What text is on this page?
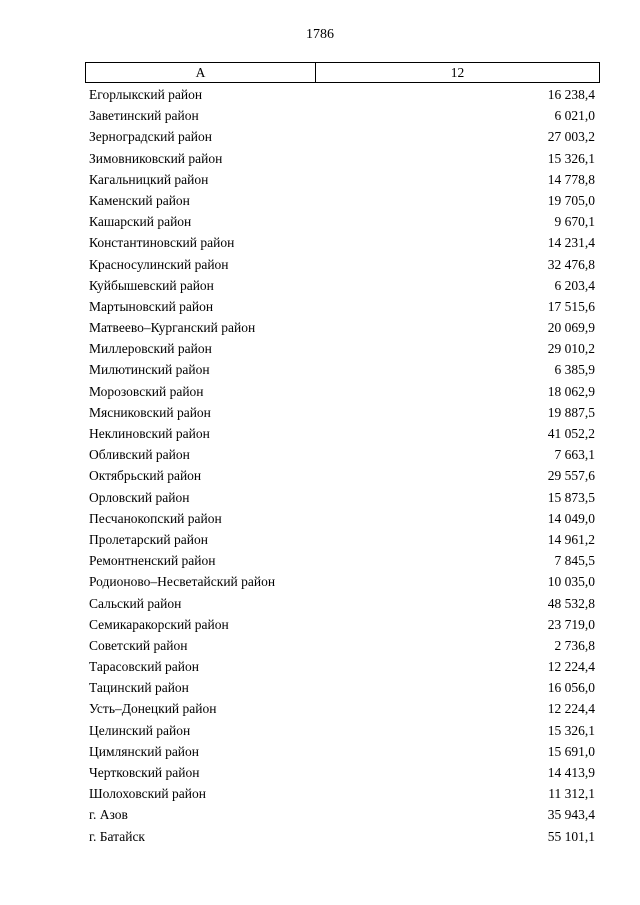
1786
А	12
Егорлыкский район	16 238,4
Заветинский район	6 021,0
Зерноградский район	27 003,2
Зимовниковский район	15 326,1
Кагальницкий район	14 778,8
Каменский район	19 705,0
Кашарский район	9 670,1
Константиновский район	14 231,4
Красносулинский район	32 476,8
Куйбышевский район	6 203,4
Мартыновский район	17 515,6
Матвеево–Курганский район	20 069,9
Миллеровский район	29 010,2
Милютинский район	6 385,9
Морозовский район	18 062,9
Мясниковский район	19 887,5
Неклиновский район	41 052,2
Обливский район	7 663,1
Октябрьский район	29 557,6
Орловский район	15 873,5
Песчанокопский район	14 049,0
Пролетарский район	14 961,2
Ремонтненский район	7 845,5
Родионово–Несветайский район	10 035,0
Сальский район	48 532,8
Семикаракорский район	23 719,0
Советский район	2 736,8
Тарасовский район	12 224,4
Тацинский район	16 056,0
Усть–Донецкий район	12 224,4
Целинский район	15 326,1
Цимлянский район	15 691,0
Чертковский район	14 413,9
Шолоховский район	11 312,1
г. Азов	35 943,4
г. Батайск	55 101,1
